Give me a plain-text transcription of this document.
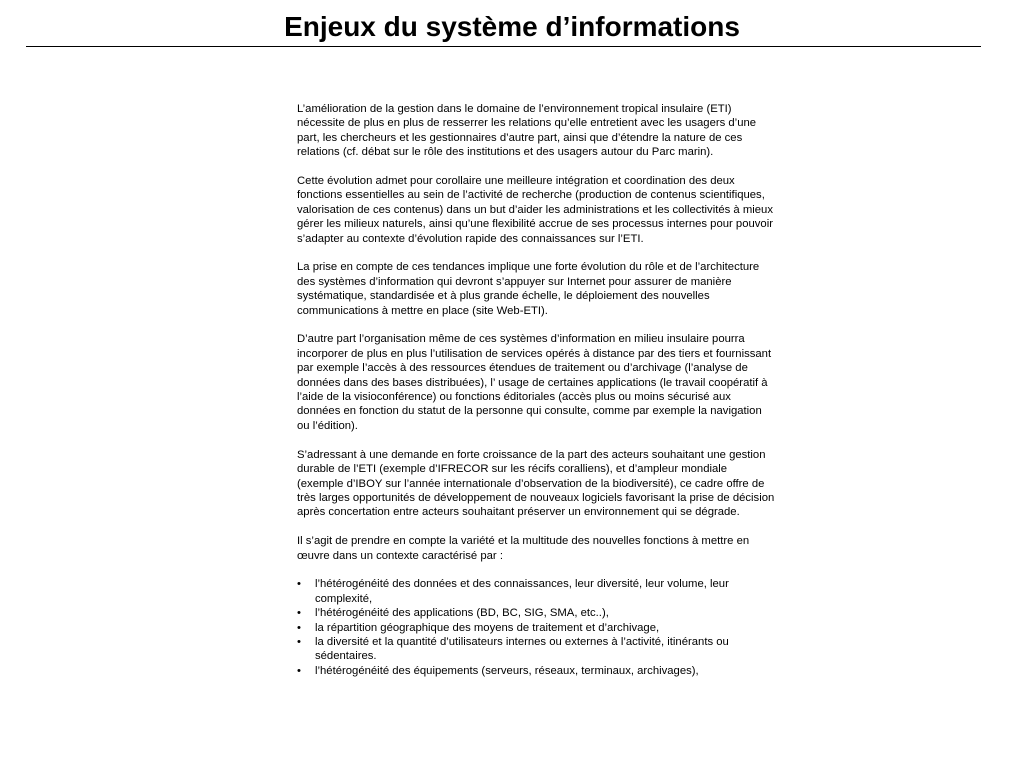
Enjeux du système d’informations

L’amélioration de la gestion dans le domaine de l’environnement tropical insulaire (ETI) nécessite de plus en plus de resserrer les relations qu’elle entretient avec les usagers d’une part, les chercheurs et les gestionnaires d’autre part, ainsi que d’étendre la nature de ces relations (cf. débat sur le rôle des institutions et des usagers autour du Parc marin).

Cette évolution admet pour corollaire une meilleure intégration et coordination des deux fonctions essentielles au sein de l’activité de recherche (production de contenus scientifiques, valorisation de ces contenus) dans un but d’aider les administrations et les collectivités à mieux gérer les milieux naturels, ainsi qu’une flexibilité accrue de ses processus internes pour pouvoir s’adapter au contexte d’évolution rapide des connaissances sur l’ETI.

La prise en compte de ces tendances implique une forte évolution du rôle et de l’architecture des systèmes d’information qui devront s’appuyer sur Internet pour assurer de manière systématique, standardisée et à plus grande échelle, le déploiement des nouvelles communications à mettre en place (site Web-ETI).

D’autre part l’organisation même de ces systèmes d’information en milieu insulaire pourra incorporer de plus en plus l’utilisation de services opérés à distance par des tiers et fournissant par exemple l’accès à des ressources étendues de traitement ou d’archivage (l’analyse de données dans des bases distribuées), l’ usage de certaines applications (le travail coopératif à l’aide de la visioconférence) ou fonctions éditoriales (accès plus ou moins sécurisé aux données en fonction du statut de la personne qui consulte, comme par exemple la navigation ou l’édition).

S’adressant à une demande en forte croissance de la part des acteurs souhaitant une gestion durable de l’ETI (exemple d’IFRECOR sur les récifs coralliens), et d’ampleur mondiale (exemple d’IBOY sur l’année internationale d’observation de la biodiversité), ce cadre offre de très larges opportunités de développement de nouveaux logiciels favorisant la prise de décision après concertation entre acteurs souhaitant préserver un environnement qui se dégrade.

Il s’agit de prendre en compte la variété et la multitude des nouvelles fonctions à mettre en œuvre dans un contexte caractérisé par :

•	l’hétérogénéité des données et des connaissances, leur diversité, leur volume, leur complexité,
•	l’hétérogénéité des applications (BD, BC, SIG, SMA, etc..),
•	la répartition géographique des moyens de traitement et d’archivage,
•	la diversité et la quantité d’utilisateurs internes ou externes à l’activité, itinérants ou sédentaires.
•	l’hétérogénéité des équipements (serveurs, réseaux, terminaux, archivages),
